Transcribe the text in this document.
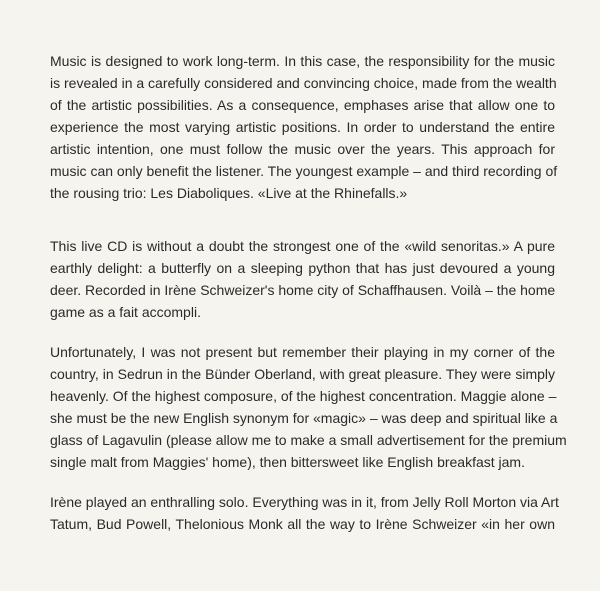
Music is designed to work long-term. In this case, the responsibility for the music
is revealed in a carefully considered and convincing choice, made from the wealth
of the artistic possibilities. As a consequence, emphases arise that allow one to
experience the most varying artistic positions. In order to understand the entire
artistic intention, one must follow the music over the years. This approach for
music can only benefit the listener. The youngest example – and third recording of
the rousing trio: Les Diaboliques. «Live at the Rhinefalls.»
This live CD is without a doubt the strongest one of the «wild senoritas.» A pure
earthly delight: a butterfly on a sleeping python that has just devoured a young
deer. Recorded in Irène Schweizer's home city of Schaffhausen. Voilà – the home
game as a fait accompli.
Unfortunately, I was not present but remember their playing in my corner of the
country, in Sedrun in the Bünder Oberland, with great pleasure. They were simply
heavenly. Of the highest composure, of the highest concentration. Maggie alone –
she must be the new English synonym for «magic» – was deep and spiritual like a
glass of Lagavulin (please allow me to make a small advertisement for the premium
single malt from Maggies' home), then bittersweet like English breakfast jam.
Irène played an enthralling solo. Everything was in it, from Jelly Roll Morton via Art
Tatum, Bud Powell, Thelonious Monk all the way to Irène Schweizer «in her own
